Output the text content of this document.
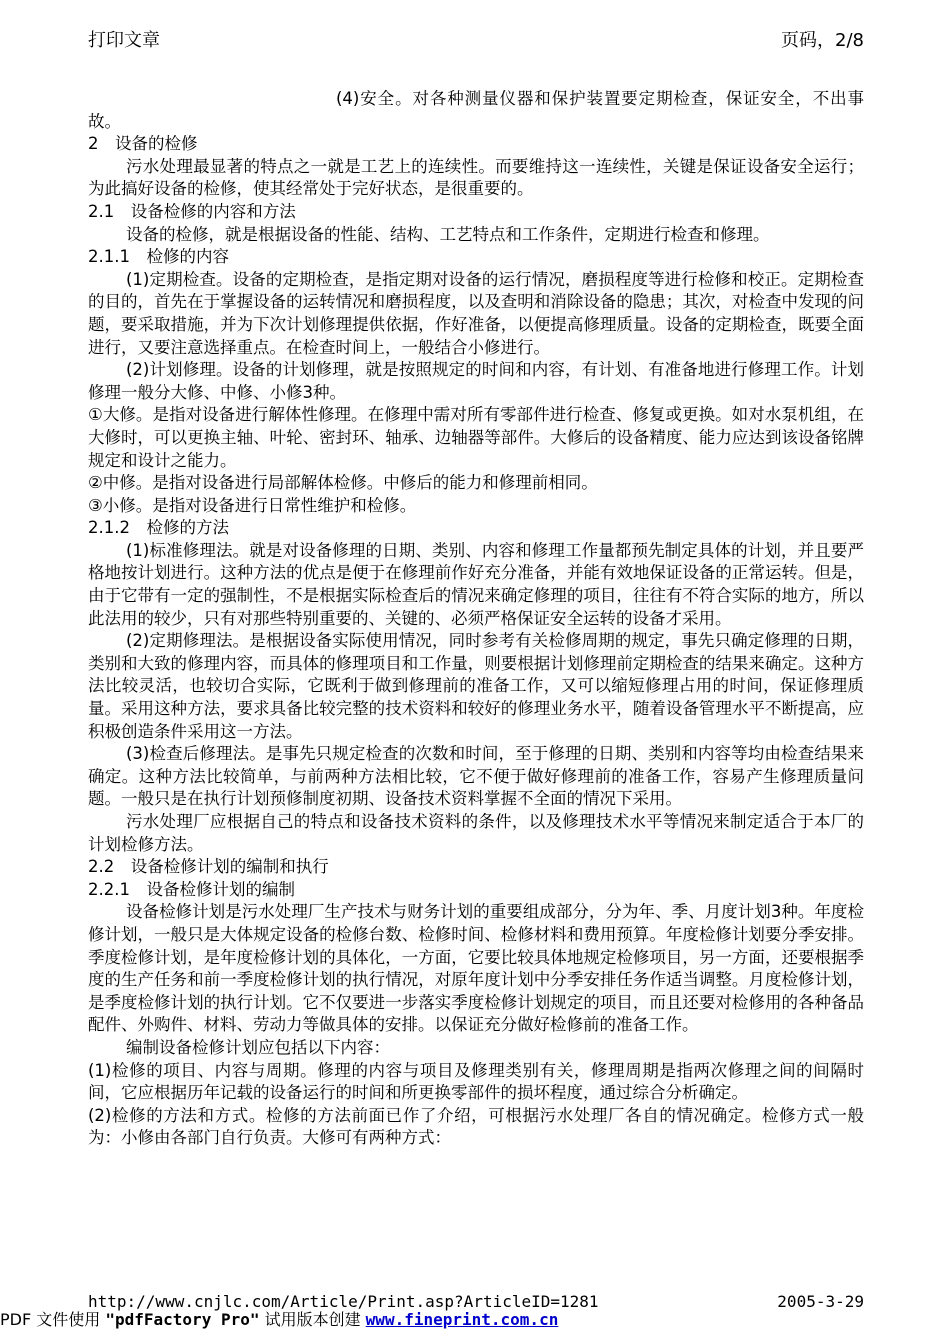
打印文章	页码，2/8

(4)安全。对各种测量仪器和保护装置要定期检查，保证安全，不出事故。

2　设备的检修

污水处理最显著的特点之一就是工艺上的连续性。而要维持这一连续性，关键是保证设备安全运行；为此搞好设备的检修，使其经常处于完好状态，是很重要的。

2.1　设备检修的内容和方法

设备的检修，就是根据设备的性能、结构、工艺特点和工作条件，定期进行检查和修理。

2.1.1　检修的内容

(1)定期检查。设备的定期检查，是指定期对设备的运行情况，磨损程度等进行检修和校正。定期检查的目的，首先在于掌握设备的运转情况和磨损程度，以及查明和消除设备的隐患；其次，对检查中发现的问题，要采取措施，并为下次计划修理提供依据，作好准备，以便提高修理质量。设备的定期检查，既要全面进行，又要注意选择重点。在检查时间上，一般结合小修进行。

(2)计划修理。设备的计划修理，就是按照规定的时间和内容，有计划、有准备地进行修理工作。计划修理一般分大修、中修、小修3种。

①大修。是指对设备进行解体性修理。在修理中需对所有零部件进行检查、修复或更换。如对水泵机组，在大修时，可以更换主轴、叶轮、密封环、轴承、边轴器等部件。大修后的设备精度、能力应达到该设备铭牌规定和设计之能力。

②中修。是指对设备进行局部解体检修。中修后的能力和修理前相同。

③小修。是指对设备进行日常性维护和检修。

2.1.2　检修的方法

(1)标准修理法。就是对设备修理的日期、类别、内容和修理工作量都预先制定具体的计划，并且要严格地按计划进行。这种方法的优点是便于在修理前作好充分准备，并能有效地保证设备的正常运转。但是，由于它带有一定的强制性，不是根据实际检查后的情况来确定修理的项目，往往有不符合实际的地方，所以此法用的较少，只有对那些特别重要的、关键的、必须严格保证安全运转的设备才采用。

(2)定期修理法。是根据设备实际使用情况，同时参考有关检修周期的规定，事先只确定修理的日期，类别和大致的修理内容，而具体的修理项目和工作量，则要根据计划修理前定期检查的结果来确定。这种方法比较灵活，也较切合实际，它既利于做到修理前的准备工作，又可以缩短修理占用的时间，保证修理质量。采用这种方法，要求具备比较完整的技术资料和较好的修理业务水平，随着设备管理水平不断提高，应积极创造条件采用这一方法。

(3)检查后修理法。是事先只规定检查的次数和时间，至于修理的日期、类别和内容等均由检查结果来确定。这种方法比较简单，与前两种方法相比较，它不便于做好修理前的准备工作，容易产生修理质量问题。一般只是在执行计划预修制度初期、设备技术资料掌握不全面的情况下采用。

污水处理厂应根据自己的特点和设备技术资料的条件，以及修理技术水平等情况来制定适合于本厂的计划检修方法。

2.2　设备检修计划的编制和执行

2.2.1　设备检修计划的编制

设备检修计划是污水处理厂生产技术与财务计划的重要组成部分，分为年、季、月度计划3种。年度检修计划，一般只是大体规定设备的检修台数、检修时间、检修材料和费用预算。年度检修计划要分季安排。季度检修计划，是年度检修计划的具体化，一方面，它要比较具体地规定检修项目，另一方面，还要根据季度的生产任务和前一季度检修计划的执行情况，对原年度计划中分季安排任务作适当调整。月度检修计划，是季度检修计划的执行计划。它不仅要进一步落实季度检修计划规定的项目，而且还要对检修用的各种备品配件、外购件、材料、劳动力等做具体的安排。以保证充分做好检修前的准备工作。

编制设备检修计划应包括以下内容：

(1)检修的项目、内容与周期。修理的内容与项目及修理类别有关，修理周期是指两次修理之间的间隔时间，它应根据历年记载的设备运行的时间和所更换零部件的损坏程度，通过综合分析确定。

(2)检修的方法和方式。检修的方法前面已作了介绍，可根据污水处理厂各自的情况确定。检修方式一般为：小修由各部门自行负责。大修可有两种方式：

http://www.cnjlc.com/Article/Print.asp?ArticleID=1281	2005-3-29
PDF 文件使用 "pdfFactory Pro" 试用版本创建 www.fineprint.com.cn
